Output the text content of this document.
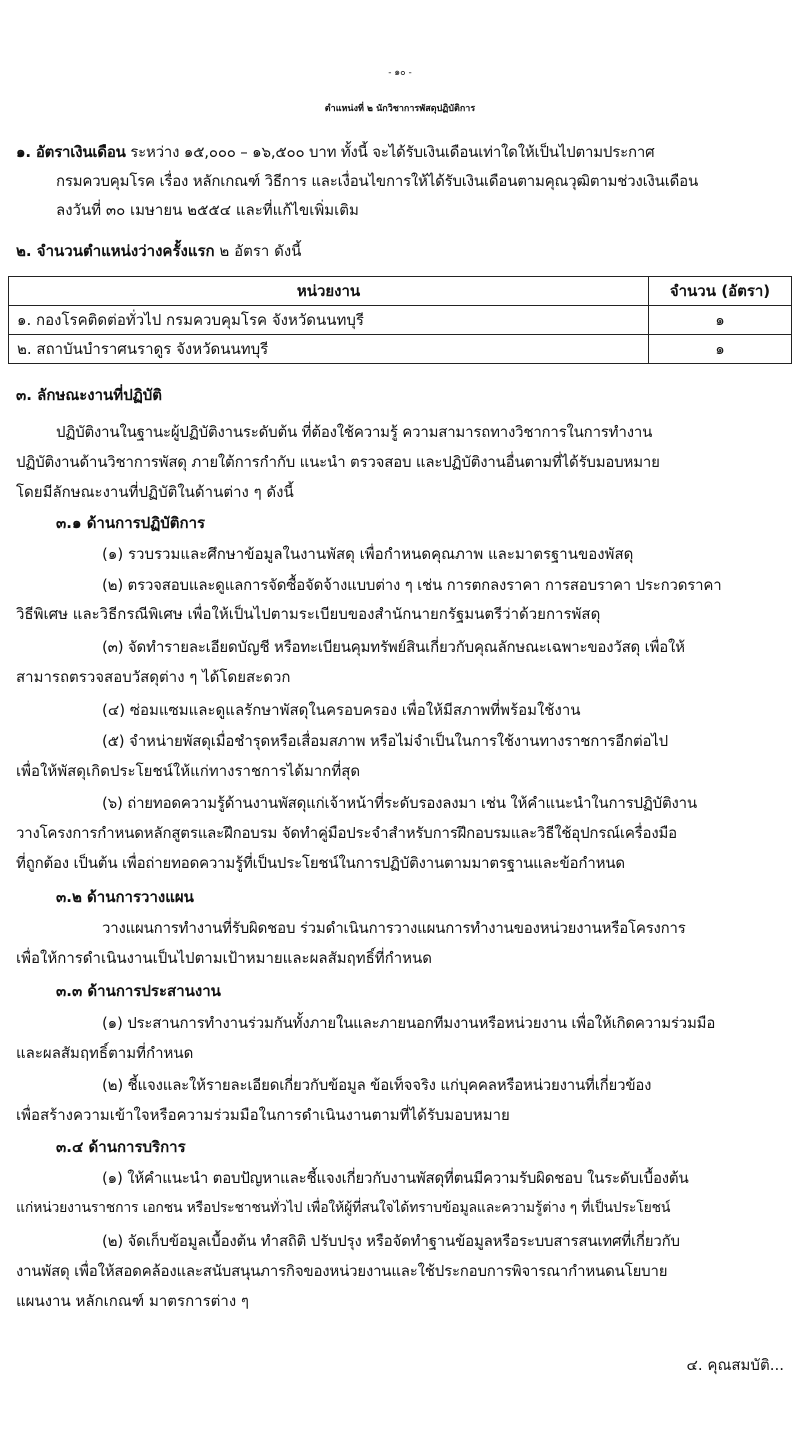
- ๑๐ -
ตำแหน่งที่ ๒ นักวิชาการพัสดุปฏิบัติการ
๑. อัตราเงินเดือน ระหว่าง ๑๕,๐๐๐ – ๑๖,๕๐๐ บาท ทั้งนี้ จะได้รับเงินเดือนเท่าใดให้เป็นไปตามประกาศ
กรมควบคุมโรค เรื่อง หลักเกณฑ์ วิธีการ และเงื่อนไขการให้ได้รับเงินเดือนตามคุณวุฒิตามช่วงเงินเดือน
ลงวันที่ ๓๐ เมษายน ๒๕๕๔ และที่แก้ไขเพิ่มเติม
๒. จำนวนตำแหน่งว่างครั้งแรก ๒ อัตรา ดังนี้
หน่วยงาน	จำนวน (อัตรา)
๑. กองโรคติดต่อทั่วไป กรมควบคุมโรค จังหวัดนนทบุรี	๑
๒. สถาบันบำราศนราดูร จังหวัดนนทบุรี	๑
๓. ลักษณะงานที่ปฏิบัติ
ปฏิบัติงานในฐานะผู้ปฏิบัติงานระดับต้น ที่ต้องใช้ความรู้ ความสามารถทางวิชาการในการทำงาน
ปฏิบัติงานด้านวิชาการพัสดุ ภายใต้การกำกับ แนะนำ ตรวจสอบ และปฏิบัติงานอื่นตามที่ได้รับมอบหมาย
โดยมีลักษณะงานที่ปฏิบัติในด้านต่าง ๆ ดังนี้
๓.๑ ด้านการปฏิบัติการ
(๑) รวบรวมและศึกษาข้อมูลในงานพัสดุ เพื่อกำหนดคุณภาพ และมาตรฐานของพัสดุ
(๒) ตรวจสอบและดูแลการจัดซื้อจัดจ้างแบบต่าง ๆ เช่น การตกลงราคา การสอบราคา ประกวดราคา
วิธีพิเศษ และวิธีกรณีพิเศษ เพื่อให้เป็นไปตามระเบียบของสำนักนายกรัฐมนตรีว่าด้วยการพัสดุ
(๓) จัดทำรายละเอียดบัญชี หรือทะเบียนคุมทรัพย์สินเกี่ยวกับคุณลักษณะเฉพาะของวัสดุ เพื่อให้
สามารถตรวจสอบวัสดุต่าง ๆ ได้โดยสะดวก
(๔) ซ่อมแซมและดูแลรักษาพัสดุในครอบครอง เพื่อให้มีสภาพที่พร้อมใช้งาน
(๕) จำหน่ายพัสดุเมื่อชำรุดหรือเสื่อมสภาพ หรือไม่จำเป็นในการใช้งานทางราชการอีกต่อไป
เพื่อให้พัสดุเกิดประโยชน์ให้แก่ทางราชการได้มากที่สุด
(๖) ถ่ายทอดความรู้ด้านงานพัสดุแก่เจ้าหน้าที่ระดับรองลงมา เช่น ให้คำแนะนำในการปฏิบัติงาน
วางโครงการกำหนดหลักสูตรและฝึกอบรม จัดทำคู่มือประจำสำหรับการฝึกอบรมและวิธีใช้อุปกรณ์เครื่องมือ
ที่ถูกต้อง เป็นต้น เพื่อถ่ายทอดความรู้ที่เป็นประโยชน์ในการปฏิบัติงานตามมาตรฐานและข้อกำหนด
๓.๒ ด้านการวางแผน
วางแผนการทำงานที่รับผิดชอบ ร่วมดำเนินการวางแผนการทำงานของหน่วยงานหรือโครงการ
เพื่อให้การดำเนินงานเป็นไปตามเป้าหมายและผลสัมฤทธิ์ที่กำหนด
๓.๓ ด้านการประสานงาน
(๑) ประสานการทำงานร่วมกันทั้งภายในและภายนอกทีมงานหรือหน่วยงาน เพื่อให้เกิดความร่วมมือ
และผลสัมฤทธิ์ตามที่กำหนด
(๒) ชี้แจงและให้รายละเอียดเกี่ยวกับข้อมูล ข้อเท็จจริง แก่บุคคลหรือหน่วยงานที่เกี่ยวข้อง
เพื่อสร้างความเข้าใจหรือความร่วมมือในการดำเนินงานตามที่ได้รับมอบหมาย
๓.๔ ด้านการบริการ
(๑) ให้คำแนะนำ ตอบปัญหาและชี้แจงเกี่ยวกับงานพัสดุที่ตนมีความรับผิดชอบ ในระดับเบื้องต้น
แก่หน่วยงานราชการ เอกชน หรือประชาชนทั่วไป เพื่อให้ผู้ที่สนใจได้ทราบข้อมูลและความรู้ต่าง ๆ ที่เป็นประโยชน์
(๒) จัดเก็บข้อมูลเบื้องต้น ทำสถิติ ปรับปรุง หรือจัดทำฐานข้อมูลหรือระบบสารสนเทศที่เกี่ยวกับ
งานพัสดุ เพื่อให้สอดคล้องและสนับสนุนภารกิจของหน่วยงานและใช้ประกอบการพิจารณากำหนดนโยบาย
แผนงาน หลักเกณฑ์ มาตรการต่าง ๆ
๔. คุณสมบัติ...
